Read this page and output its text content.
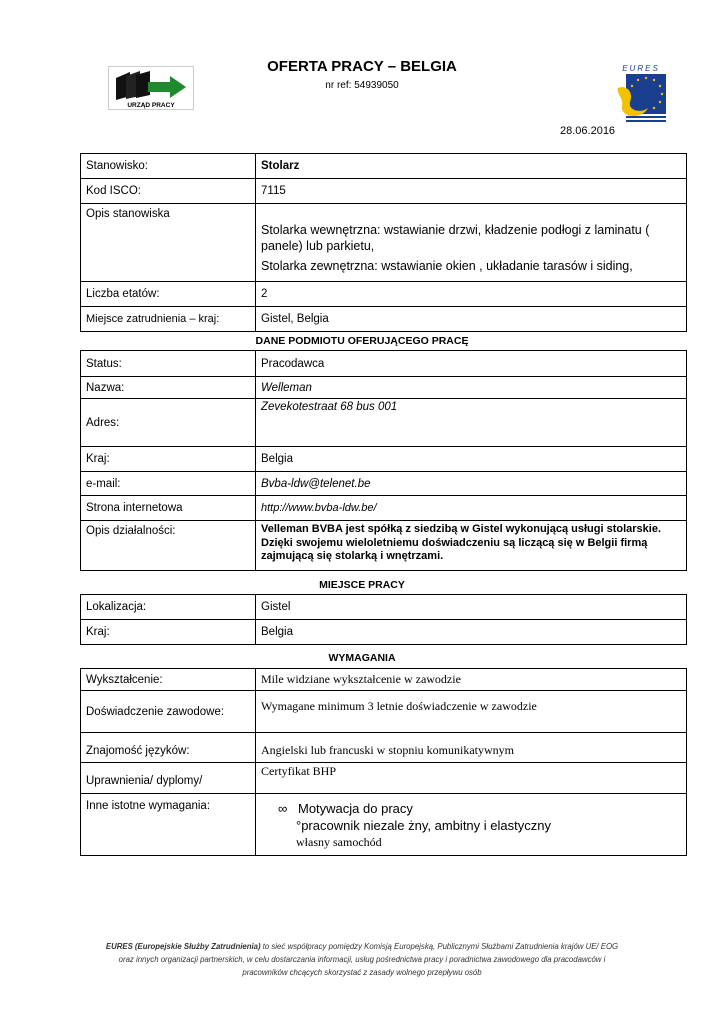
URZĄD PRACY
EURES
OFERTA PRACY – BELGIA
nr ref: 54939050
28.06.2016
Stanowisko:	Stolarz
Kod ISCO:	7115
Opis stanowiska	Stolarka wewnętrzna: wstawianie drzwi, kładzenie podłogi z laminatu ( panele) lub parkietu,
Stolarka zewnętrzna: wstawianie okien , układanie tarasów i siding,

Liczba etatów:	2
Miejsce zatrudnienia – kraj:	Gistel, Belgia
DANE PODMIOTU OFERUJĄCEGO PRACĘ
Status:	Pracodawca
Nazwa:	Welleman
Adres:	Zevekotestraat 68 bus 001
Kraj:	Belgia
e-mail:	Bvba-ldw@telenet.be
Strona internetowa	http://www.bvba-ldw.be/
Opis działalności:	Velleman BVBA jest spółką z siedzibą w Gistel wykonującą usługi stolarskie. Dzięki swojemu wieloletniemu doświadczeniu są liczącą się w Belgii firmą zajmującą się stolarką i wnętrzami.
MIEJSCE PRACY
Lokalizacja:	Gistel
Kraj:	Belgia
WYMAGANIA
Wykształcenie:	Mile widziane wykształcenie w zawodzie
Doświadczenie zawodowe:	Wymagane minimum 3 letnie doświadczenie w zawodzie
Znajomość języków:	Angielski lub francuski w stopniu komunikatywnym
Uprawnienia/ dyplomy/	Certyfikat BHP
Inne istotne wymagania:	∞ Motywacja do pracy
°pracownik niezale żny, ambitny i elastyczny
własny samochód
EURES (Europejskie Służby Zatrudnienia) to sieć współpracy pomiędzy Komisją Europejską, Publicznymi Służbami Zatrudnienia krajów UE/ EOG
oraz innych organizacji partnerskich, w celu dostarczania informacji, usług pośrednictwa pracy i poradnictwa zawodowego dla pracodawców i
pracowników chcących skorzystać z zasady wolnego przepływu osób
